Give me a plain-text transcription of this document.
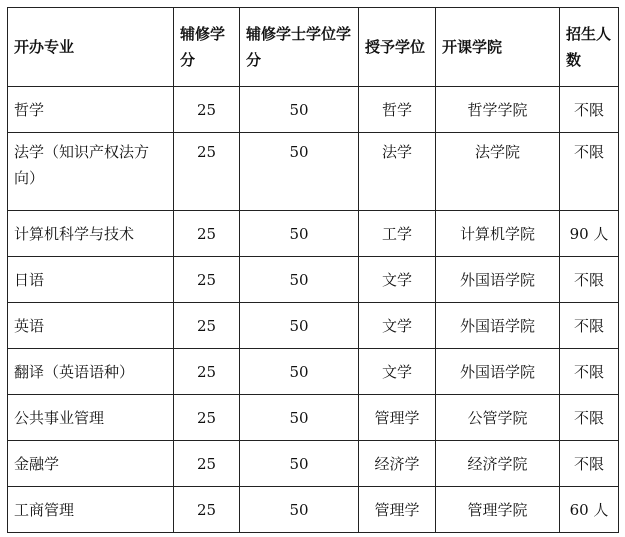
开办专业	辅修学分	辅修学士学位学分	授予学位	开课学院	招生人数
哲学	25	50	哲学	哲学学院	不限
法学（知识产权法方向）	25	50	法学	法学院	不限
计算机科学与技术	25	50	工学	计算机学院	90 人
日语	25	50	文学	外国语学院	不限
英语	25	50	文学	外国语学院	不限
翻译（英语语种）	25	50	文学	外国语学院	不限
公共事业管理	25	50	管理学	公管学院	不限
金融学	25	50	经济学	经济学院	不限
工商管理	25	50	管理学	管理学院	60 人
